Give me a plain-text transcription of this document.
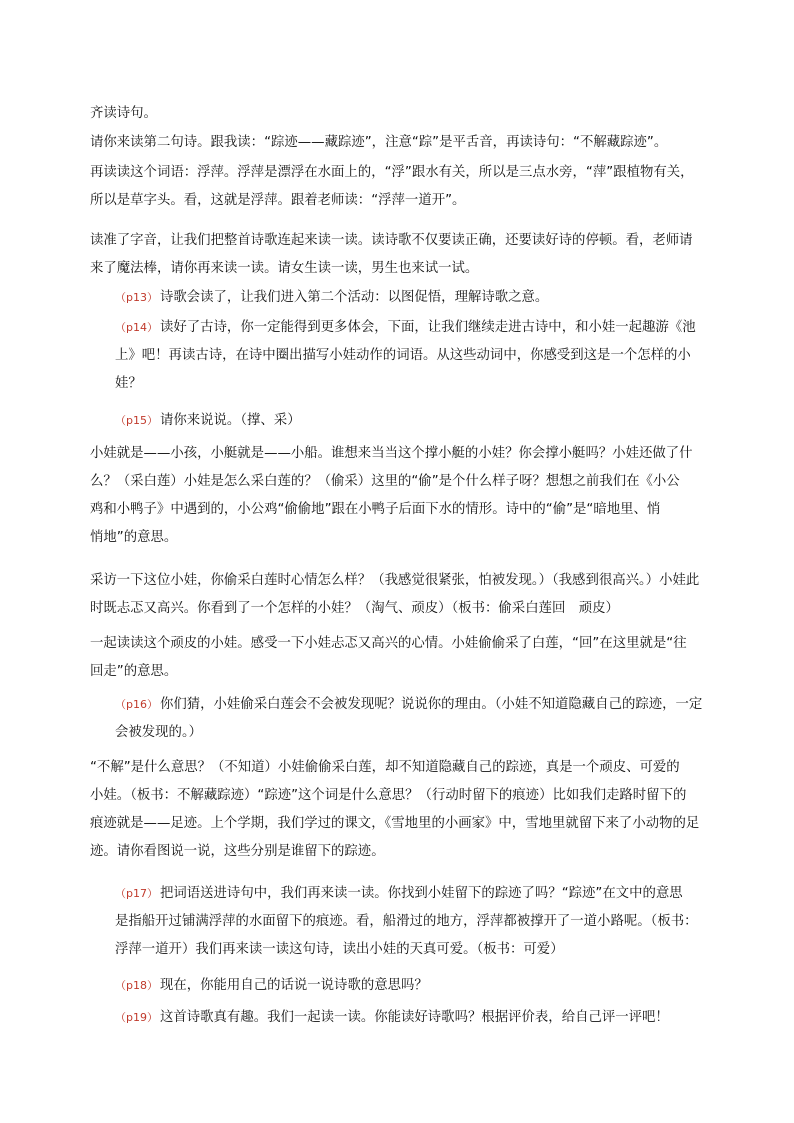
齐读诗句。

请你来读第二句诗。跟我读：“踪迹——藏踪迹”，注意“踪”是平舌音，再读诗句：“不解藏踪迹”。

再读读这个词语：浮萍。浮萍是漂浮在水面上的，“浮”跟水有关，所以是三点水旁，“萍”跟植物有关，
所以是草字头。看，这就是浮萍。跟着老师读：“浮萍一道开”。

读准了字音，让我们把整首诗歌连起来读一读。读诗歌不仅要读正确，还要读好诗的停顿。看，老师请
来了魔法棒，请你再来读一读。请女生读一读，男生也来试一试。

（p13） 诗歌会读了，让我们进入第二个活动：以图促悟，理解诗歌之意。

（p14） 读好了古诗，你一定能得到更多体会，下面，让我们继续走进古诗中，和小娃一起趣游《池
上》吧！再读古诗，在诗中圈出描写小娃动作的词语。从这些动词中，你感受到这是一个怎样的小
娃？

（p15） 请你来说说。（撑、采）

小娃就是——小孩，小艇就是——小船。谁想来当当这个撑小艇的小娃？你会撑小艇吗？小娃还做了什
么？（采白莲）小娃是怎么采白莲的？（偷采）这里的“偷”是个什么样子呀？想想之前我们在《小公
鸡和小鸭子》中遇到的，小公鸡“偷偷地”跟在小鸭子后面下水的情形。诗中的“偷”是“暗地里、悄
悄地”的意思。

采访一下这位小娃，你偷采白莲时心情怎么样？（我感觉很紧张，怕被发现。）（我感到很高兴。）小娃此
时既忐忑又高兴。你看到了一个怎样的小娃？（淘气、顽皮）（板书：偷采白莲回　顽皮）

一起读读这个顽皮的小娃。感受一下小娃忐忑又高兴的心情。小娃偷偷采了白莲，“回”在这里就是“往
回走”的意思。

（p16） 你们猜，小娃偷采白莲会不会被发现呢？说说你的理由。（小娃不知道隐藏自己的踪迹，一定
会被发现的。）

“不解”是什么意思？（不知道）小娃偷偷采白莲，却不知道隐藏自己的踪迹，真是一个顽皮、可爱的
小娃。（板书：不解藏踪迹）“踪迹”这个词是什么意思？（行动时留下的痕迹）比如我们走路时留下的
痕迹就是——足迹。上个学期，我们学过的课文，《雪地里的小画家》中，雪地里就留下来了小动物的足
迹。请你看图说一说，这些分别是谁留下的踪迹。

（p17） 把词语送进诗句中，我们再来读一读。你找到小娃留下的踪迹了吗？“踪迹”在文中的意思
是指船开过铺满浮萍的水面留下的痕迹。看，船滑过的地方，浮萍都被撑开了一道小路呢。（板书：
浮萍一道开）我们再来读一读这句诗，读出小娃的天真可爱。（板书：可爱）

（p18） 现在，你能用自己的话说一说诗歌的意思吗？

（p19） 这首诗歌真有趣。我们一起读一读。你能读好诗歌吗？根据评价表，给自己评一评吧！
